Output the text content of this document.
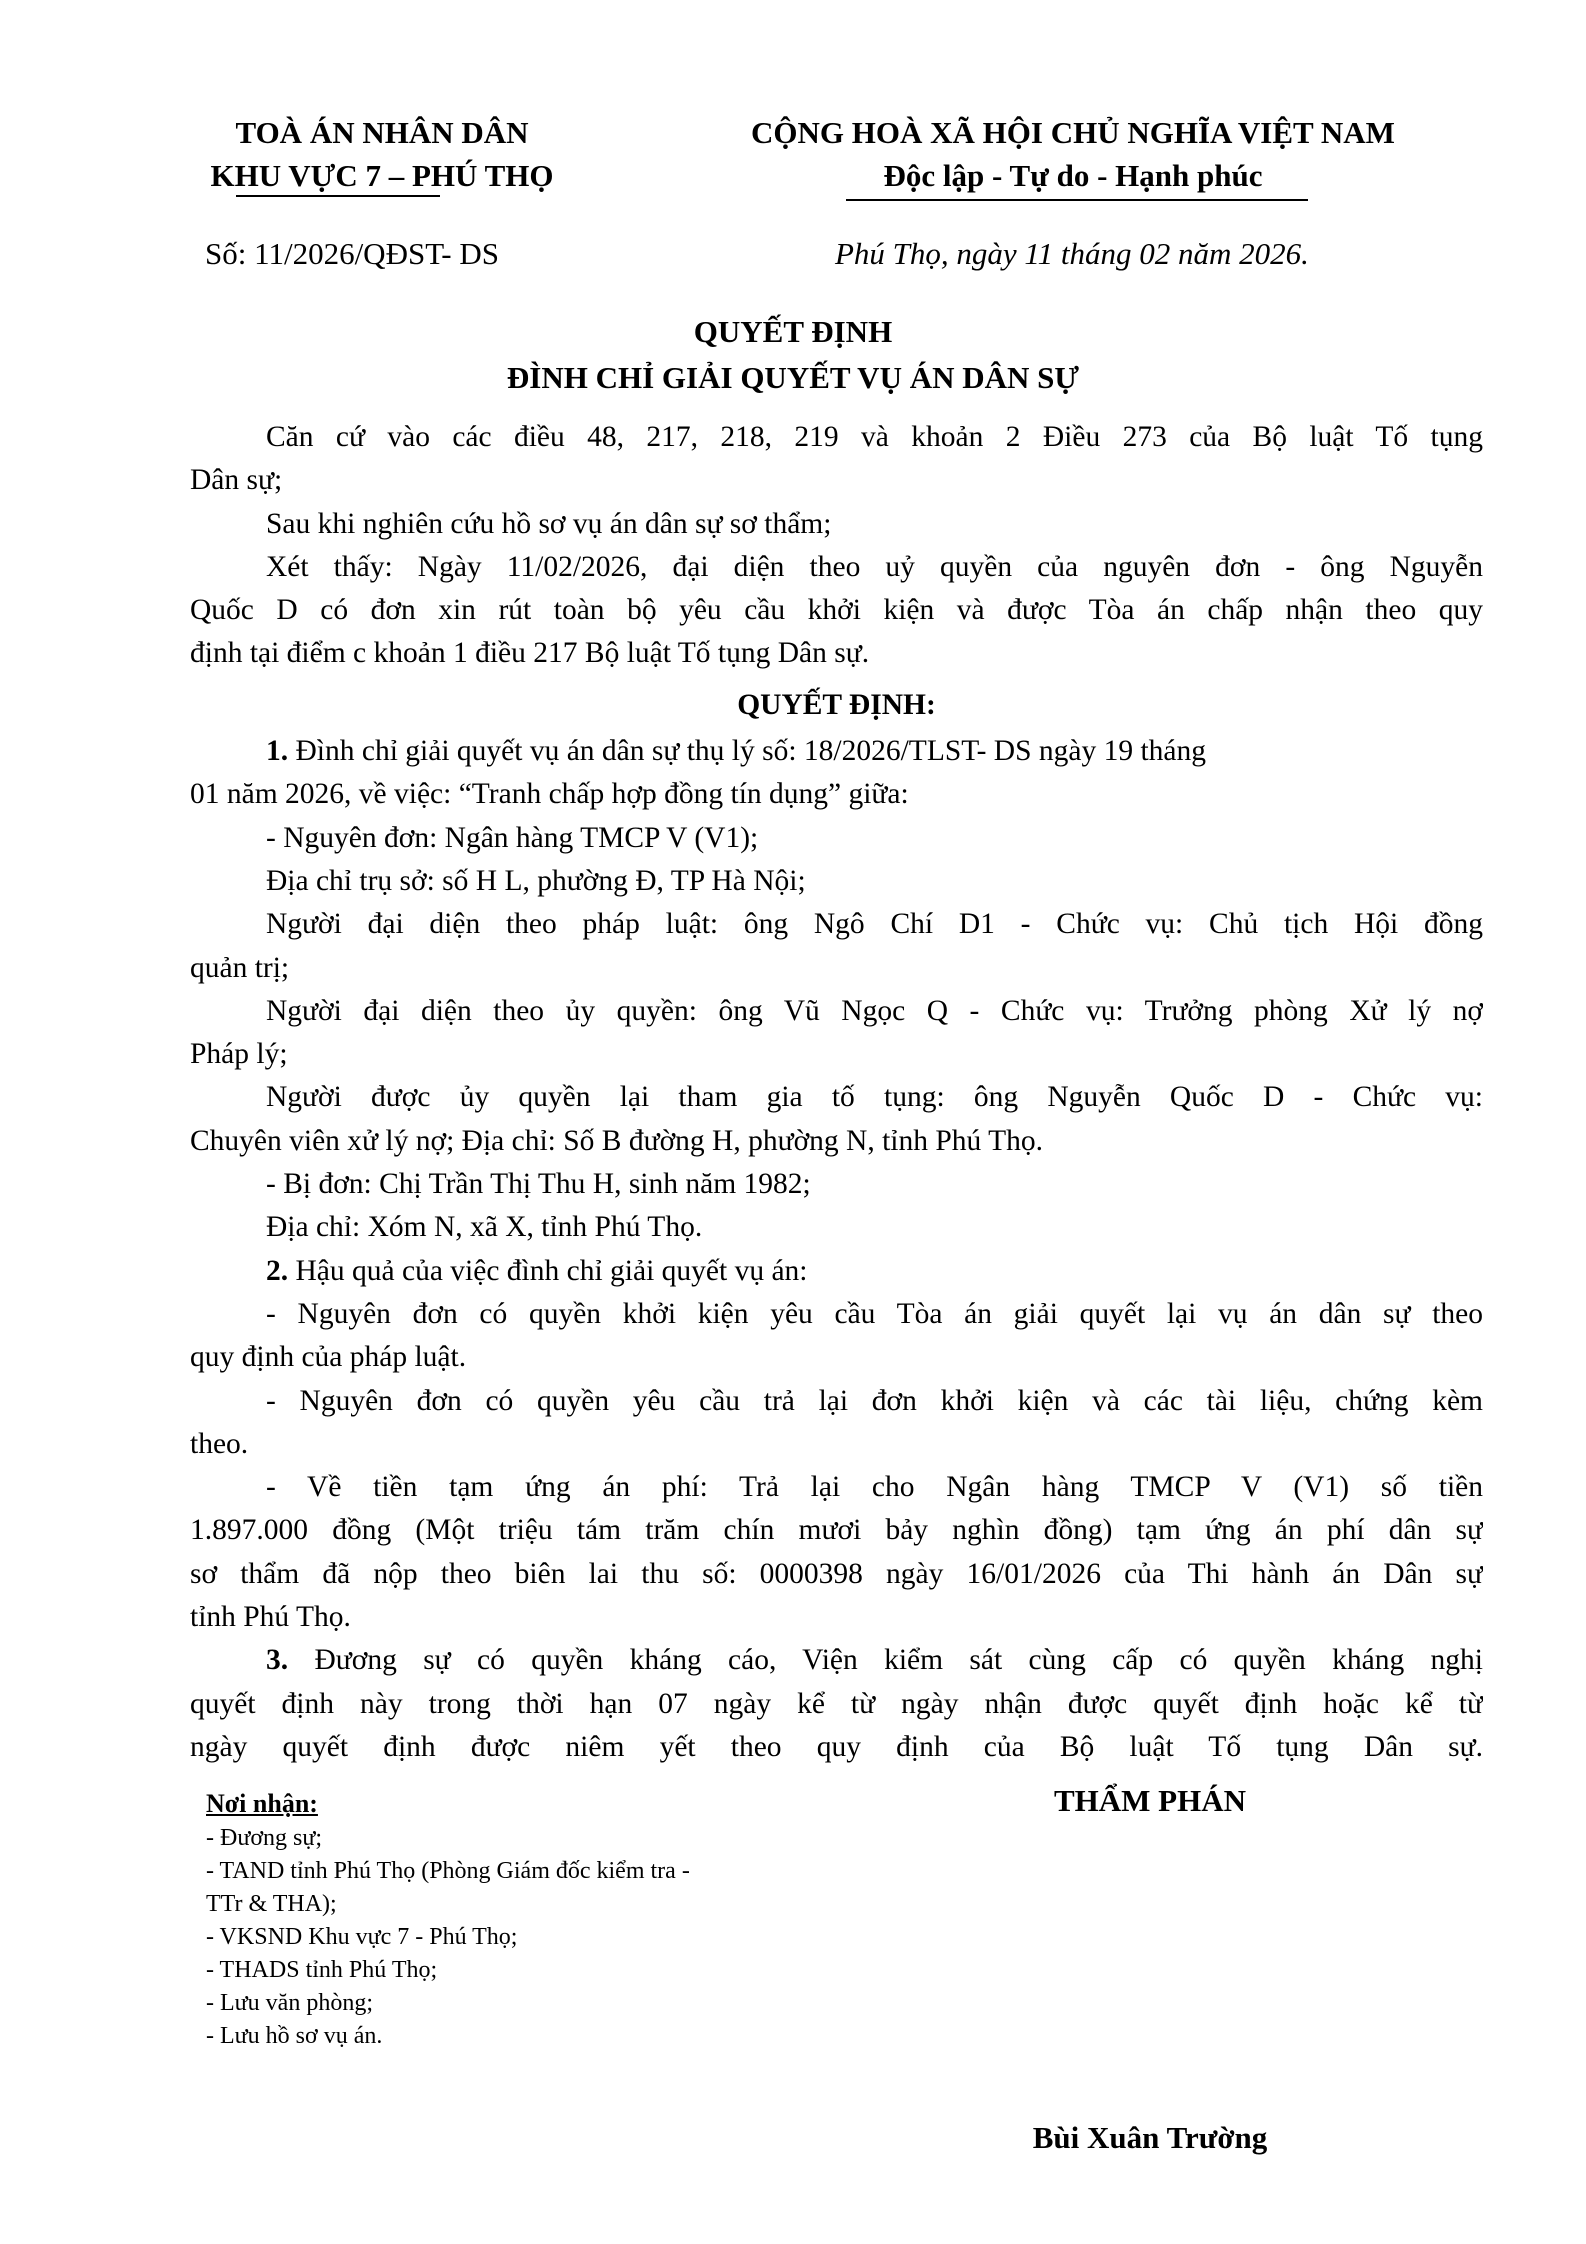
TOÀ ÁN NHÂN DÂN
KHU VỰC 7 – PHÚ THỌ
CỘNG HOÀ XÃ HỘI CHỦ NGHĨA VIỆT NAM
Độc lập - Tự do - Hạnh phúc
Số: 11/2026/QĐST- DS	Phú Thọ, ngày 11 tháng 02 năm 2026.
QUYẾT ĐỊNH
ĐÌNH CHỈ GIẢI QUYẾT VỤ ÁN DÂN SỰ
Căn cứ vào các điều 48, 217, 218, 219 và khoản 2 Điều 273 của Bộ luật Tố tụng
Dân sự;
Sau khi nghiên cứu hồ sơ vụ án dân sự sơ thẩm;
Xét thấy: Ngày 11/02/2026, đại diện theo uỷ quyền của nguyên đơn - ông Nguyễn
Quốc D có đơn xin rút toàn bộ yêu cầu khởi kiện và được Tòa án chấp nhận theo quy
định tại điểm c khoản 1 điều 217 Bộ luật Tố tụng Dân sự.
QUYẾT ĐỊNH:
1. Đình chỉ giải quyết vụ án dân sự thụ lý số: 18/2026/TLST- DS ngày 19 tháng
01 năm 2026, về việc: “Tranh chấp hợp đồng tín dụng” giữa:
- Nguyên đơn: Ngân hàng TMCP V (V1);
Địa chỉ trụ sở: số H L, phường Đ, TP Hà Nội;
Người đại diện theo pháp luật: ông Ngô Chí D1 - Chức vụ: Chủ tịch Hội đồng
quản trị;
Người đại diện theo ủy quyền: ông Vũ Ngọc Q - Chức vụ: Trưởng phòng Xử lý nợ
Pháp lý;
Người được ủy quyền lại tham gia tố tụng: ông Nguyễn Quốc D - Chức vụ:
Chuyên viên xử lý nợ; Địa chỉ: Số B đường H, phường N, tỉnh Phú Thọ.
- Bị đơn: Chị Trần Thị Thu H, sinh năm 1982;
Địa chỉ: Xóm N, xã X, tỉnh Phú Thọ.
2. Hậu quả của việc đình chỉ giải quyết vụ án:
- Nguyên đơn có quyền khởi kiện yêu cầu Tòa án giải quyết lại vụ án dân sự theo
quy định của pháp luật.
- Nguyên đơn có quyền yêu cầu trả lại đơn khởi kiện và các tài liệu, chứng kèm
theo.
- Về tiền tạm ứng án phí: Trả lại cho Ngân hàng TMCP V (V1) số tiền
1.897.000 đồng (Một triệu tám trăm chín mươi bảy nghìn đồng) tạm ứng án phí dân sự
sơ thẩm đã nộp theo biên lai thu số: 0000398 ngày 16/01/2026 của Thi hành án Dân sự
tỉnh Phú Thọ.
3. Đương sự có quyền kháng cáo, Viện kiểm sát cùng cấp có quyền kháng nghị
quyết định này trong thời hạn 07 ngày kể từ ngày nhận được quyết định hoặc kể từ
ngày quyết định được niêm yết theo quy định của Bộ luật Tố tụng Dân sự.
Nơi nhận:
- Đương sự;
- TAND tỉnh Phú Thọ (Phòng Giám đốc kiểm tra -
TTr & THA);
- VKSND Khu vực 7 - Phú Thọ;
- THADS tỉnh Phú Thọ;
- Lưu văn phòng;
- Lưu hồ sơ vụ án.
THẨM PHÁN
Bùi Xuân Trường
